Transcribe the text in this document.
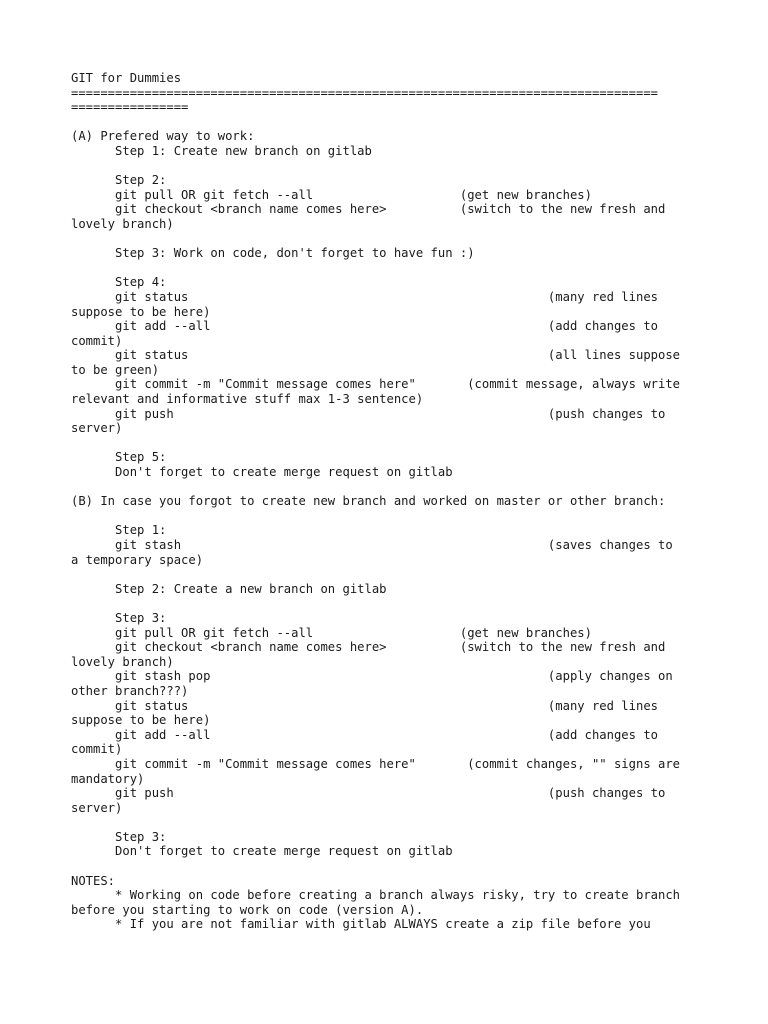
GIT for Dummies
================================================================================
================
(A) Prefered way to work:
Step 1: Create new branch on gitlab
Step 2:
git pull OR git fetch --all                    (get new branches)
git checkout <branch name comes here>          (switch to the new fresh and
lovely branch)
Step 3: Work on code, don't forget to have fun :)
Step 4:
git status                                                 (many red lines
suppose to be here)
git add --all                                              (add changes to
commit)
git status                                                 (all lines suppose
to be green)
git commit -m "Commit message comes here"       (commit message, always write
relevant and informative stuff max 1-3 sentence)
git push                                                   (push changes to
server)
Step 5:
Don't forget to create merge request on gitlab
(B) In case you forgot to create new branch and worked on master or other branch:
Step 1:
git stash                                                  (saves changes to
a temporary space)
Step 2: Create a new branch on gitlab
Step 3:
git pull OR git fetch --all                    (get new branches)
git checkout <branch name comes here>          (switch to the new fresh and
lovely branch)
git stash pop                                              (apply changes on
other branch???)
git status                                                 (many red lines
suppose to be here)
git add --all                                              (add changes to
commit)
git commit -m "Commit message comes here"       (commit changes, "" signs are
mandatory)
git push                                                   (push changes to
server)
Step 3:
Don't forget to create merge request on gitlab
NOTES:
* Working on code before creating a branch always risky, try to create branch
before you starting to work on code (version A).
* If you are not familiar with gitlab ALWAYS create a zip file before you
